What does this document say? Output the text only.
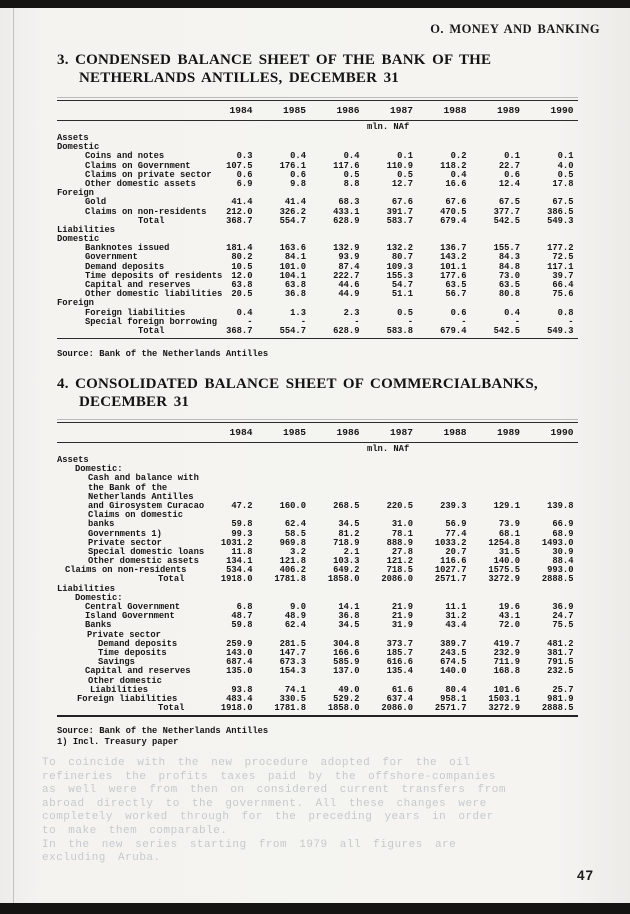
O. MONEY AND BANKING
3. CONDENSED BALANCE SHEET OF THE BANK OF THE
NETHERLANDS ANTILLES, DECEMBER 31
1984	1985	1986	1987	1988	1989	1990
mln. NAf
Assets
Domestic
Coins and notes	0.3	0.4	0.4	0.1	0.2	0.1	0.1
Claims on Government	107.5	176.1	117.6	110.9	118.2	22.7	4.0
Claims on private sector	0.6	0.6	0.5	0.5	0.4	0.6	0.5
Other domestic assets	6.9	9.8	8.8	12.7	16.6	12.4	17.8
Foreign
Gold	41.4	41.4	68.3	67.6	67.6	67.5	67.5
Claims on non-residents	212.0	326.2	433.1	391.7	470.5	377.7	386.5
Total	368.7	554.7	628.9	583.7	679.4	542.5	549.3
Liabilities
Domestic
Banknotes issued	181.4	163.6	132.9	132.2	136.7	155.7	177.2
Government	80.2	84.1	93.9	80.7	143.2	84.3	72.5
Demand deposits	10.5	101.0	87.4	109.3	101.1	84.8	117.1
Time deposits of residents	12.0	104.1	222.7	155.3	177.6	73.0	39.7
Capital and reserves	63.8	63.8	44.6	54.7	63.5	63.5	66.4
Other domestic liabilities	20.5	36.8	44.9	51.1	56.7	80.8	75.6
Foreign
Foreign liabilities	0.4	1.3	2.3	0.5	0.6	0.4	0.8
Special foreign borrowing	-	-	-	-	-	-	-
Total	368.7	554.7	628.9	583.8	679.4	542.5	549.3
Source: Bank of the Netherlands Antilles
4. CONSOLIDATED BALANCE SHEET OF COMMERCIALBANKS,
DECEMBER 31
1984	1985	1986	1987	1988	1989	1990
mln. NAf
Assets
Domestic:
Cash and balance with
the Bank of the
Netherlands Antilles
and Girosystem Curacao	47.2	160.0	268.5	220.5	239.3	129.1	139.8
Claims on domestic
banks	59.8	62.4	34.5	31.0	56.9	73.9	66.9
Governments 1)	99.3	58.5	81.2	78.1	77.4	68.1	68.9
Private sector	1031.2	969.8	718.9	888.9	1033.2	1254.8	1493.0
Special domestic loans	11.8	3.2	2.1	27.8	20.7	31.5	30.9
Other domestic assets	134.1	121.8	103.3	121.2	116.6	140.0	88.4
Claims on non-residents	534.4	406.2	649.2	718.5	1027.7	1575.5	993.0
Total	1918.0	1781.8	1858.0	2086.0	2571.7	3272.9	2888.5
Liabilities
Domestic:
Central Government	6.8	9.0	14.1	21.9	11.1	19.6	36.9
Island Government	48.7	48.9	36.8	21.9	31.2	43.1	24.7
Banks	59.8	62.4	34.5	31.9	43.4	72.0	75.5
Private sector
Demand deposits	259.9	281.5	304.8	373.7	389.7	419.7	481.2
Time deposits	143.0	147.7	166.6	185.7	243.5	232.9	381.7
Savings	687.4	673.3	585.9	616.6	674.5	711.9	791.5
Capital and reserves	135.0	154.3	137.0	135.4	140.0	168.8	232.5
Other domestic
Liabilities	93.8	74.1	49.0	61.6	80.4	101.6	25.7
Foreign liabilities	483.4	330.5	529.2	637.4	958.1	1503.1	981.9
Total	1918.0	1781.8	1858.0	2086.0	2571.7	3272.9	2888.5
Source: Bank of the Netherlands Antilles
1) Incl. Treasury paper
To coincide with the new procedure adopted for the oil
refineries the profits taxes paid by the offshore-companies
as well were from then on considered current transfers from
abroad directly to the government. All these changes were
completely worked through for the preceding years in order
to make them comparable.
In the new series starting from 1979 all figures are
excluding Aruba.
47
